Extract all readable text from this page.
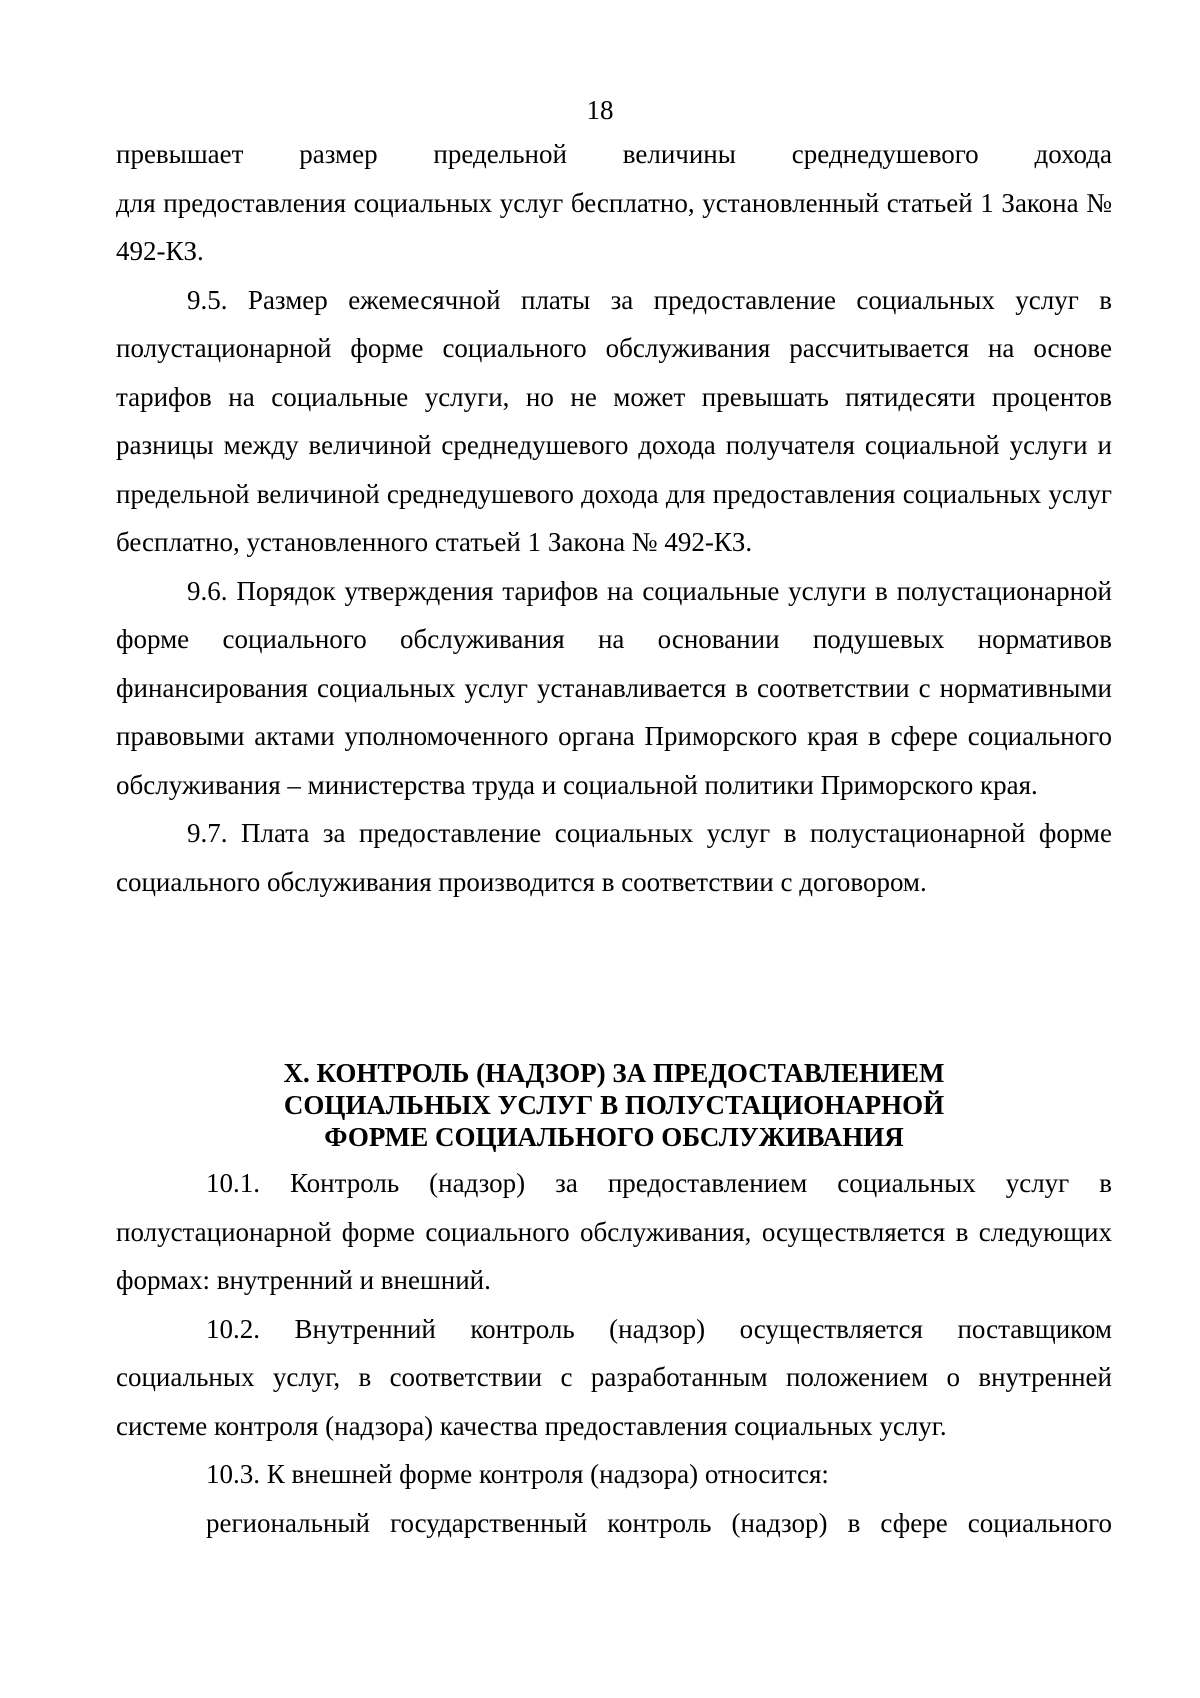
18

превышает размер предельной величины среднедушевого дохода

для предоставления социальных услуг бесплатно, установленный статьей 1 Закона № 492-КЗ.

9.5. Размер ежемесячной платы за предоставление социальных услуг в полустационарной форме социального обслуживания рассчитывается на основе тарифов на социальные услуги, но не может превышать пятидесяти процентов разницы между величиной среднедушевого дохода получателя социальной услуги и предельной величиной среднедушевого дохода для предоставления социальных услуг бесплатно, установленного статьей 1 Закона № 492-КЗ.

9.6. Порядок утверждения тарифов на социальные услуги в полустационарной форме социального обслуживания на основании подушевых нормативов финансирования социальных услуг устанавливается в соответствии с нормативными правовыми актами уполномоченного органа Приморского края в сфере социального обслуживания – министерства труда и социальной политики Приморского края.

9.7. Плата за предоставление социальных услуг в полустационарной форме социального обслуживания производится в соответствии с договором.

X. КОНТРОЛЬ (НАДЗОР) ЗА ПРЕДОСТАВЛЕНИЕМ
СОЦИАЛЬНЫХ УСЛУГ В ПОЛУСТАЦИОНАРНОЙ
ФОРМЕ СОЦИАЛЬНОГО ОБСЛУЖИВАНИЯ

10.1. Контроль (надзор) за предоставлением социальных услуг в полустационарной форме социального обслуживания, осуществляется в следующих формах: внутренний и внешний.

10.2. Внутренний контроль (надзор) осуществляется поставщиком социальных услуг, в соответствии с разработанным положением о внутренней системе контроля (надзора) качества предоставления социальных услуг.

10.3. К внешней форме контроля (надзора) относится:

региональный государственный контроль (надзор) в сфере социального
